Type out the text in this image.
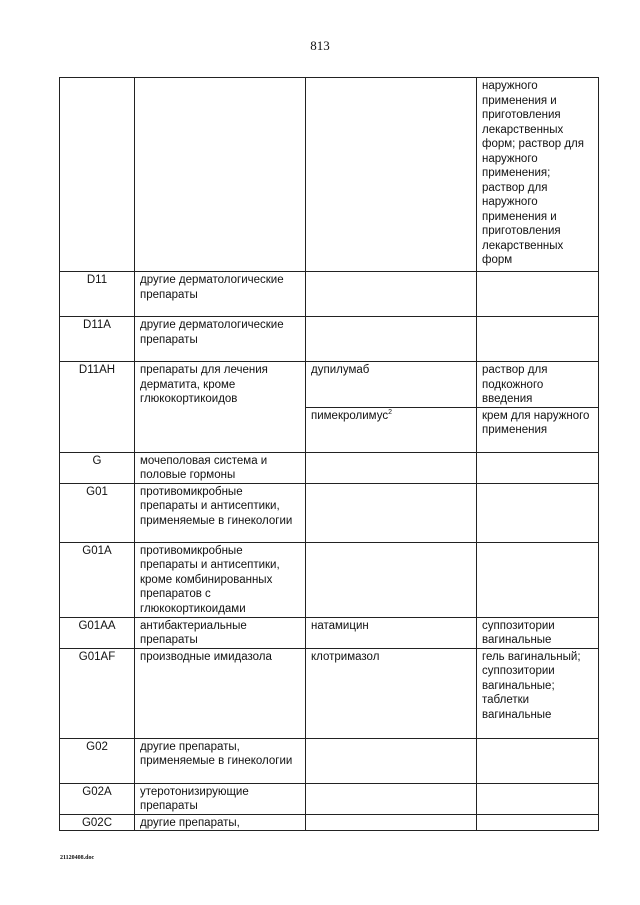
813
			наружного применения и приготовления лекарственных форм; раствор для наружного применения; раствор для наружного применения и приготовления лекарственных форм
D11	другие дерматологические препараты		
D11A	другие дерматологические препараты		
D11AH	препараты для лечения дерматита, кроме глюкокортикоидов	дупилумаб	раствор для подкожного введения
		пимекролимус$^2$	крем для наружного применения
G	мочеполовая система и половые гормоны		
G01	противомикробные препараты и антисептики, применяемые в гинекологии		
G01A	противомикробные препараты и антисептики, кроме комбинированных препаратов с глюкокортикоидами		
G01AA	антибактериальные препараты	натамицин	суппозитории вагинальные
G01AF	производные имидазола	клотримазол	гель вагинальный; суппозитории вагинальные; таблетки вагинальные
G02	другие препараты, применяемые в гинекологии		
G02A	утеротонизирующие препараты		
G02C	другие препараты,		
21120408.doc
